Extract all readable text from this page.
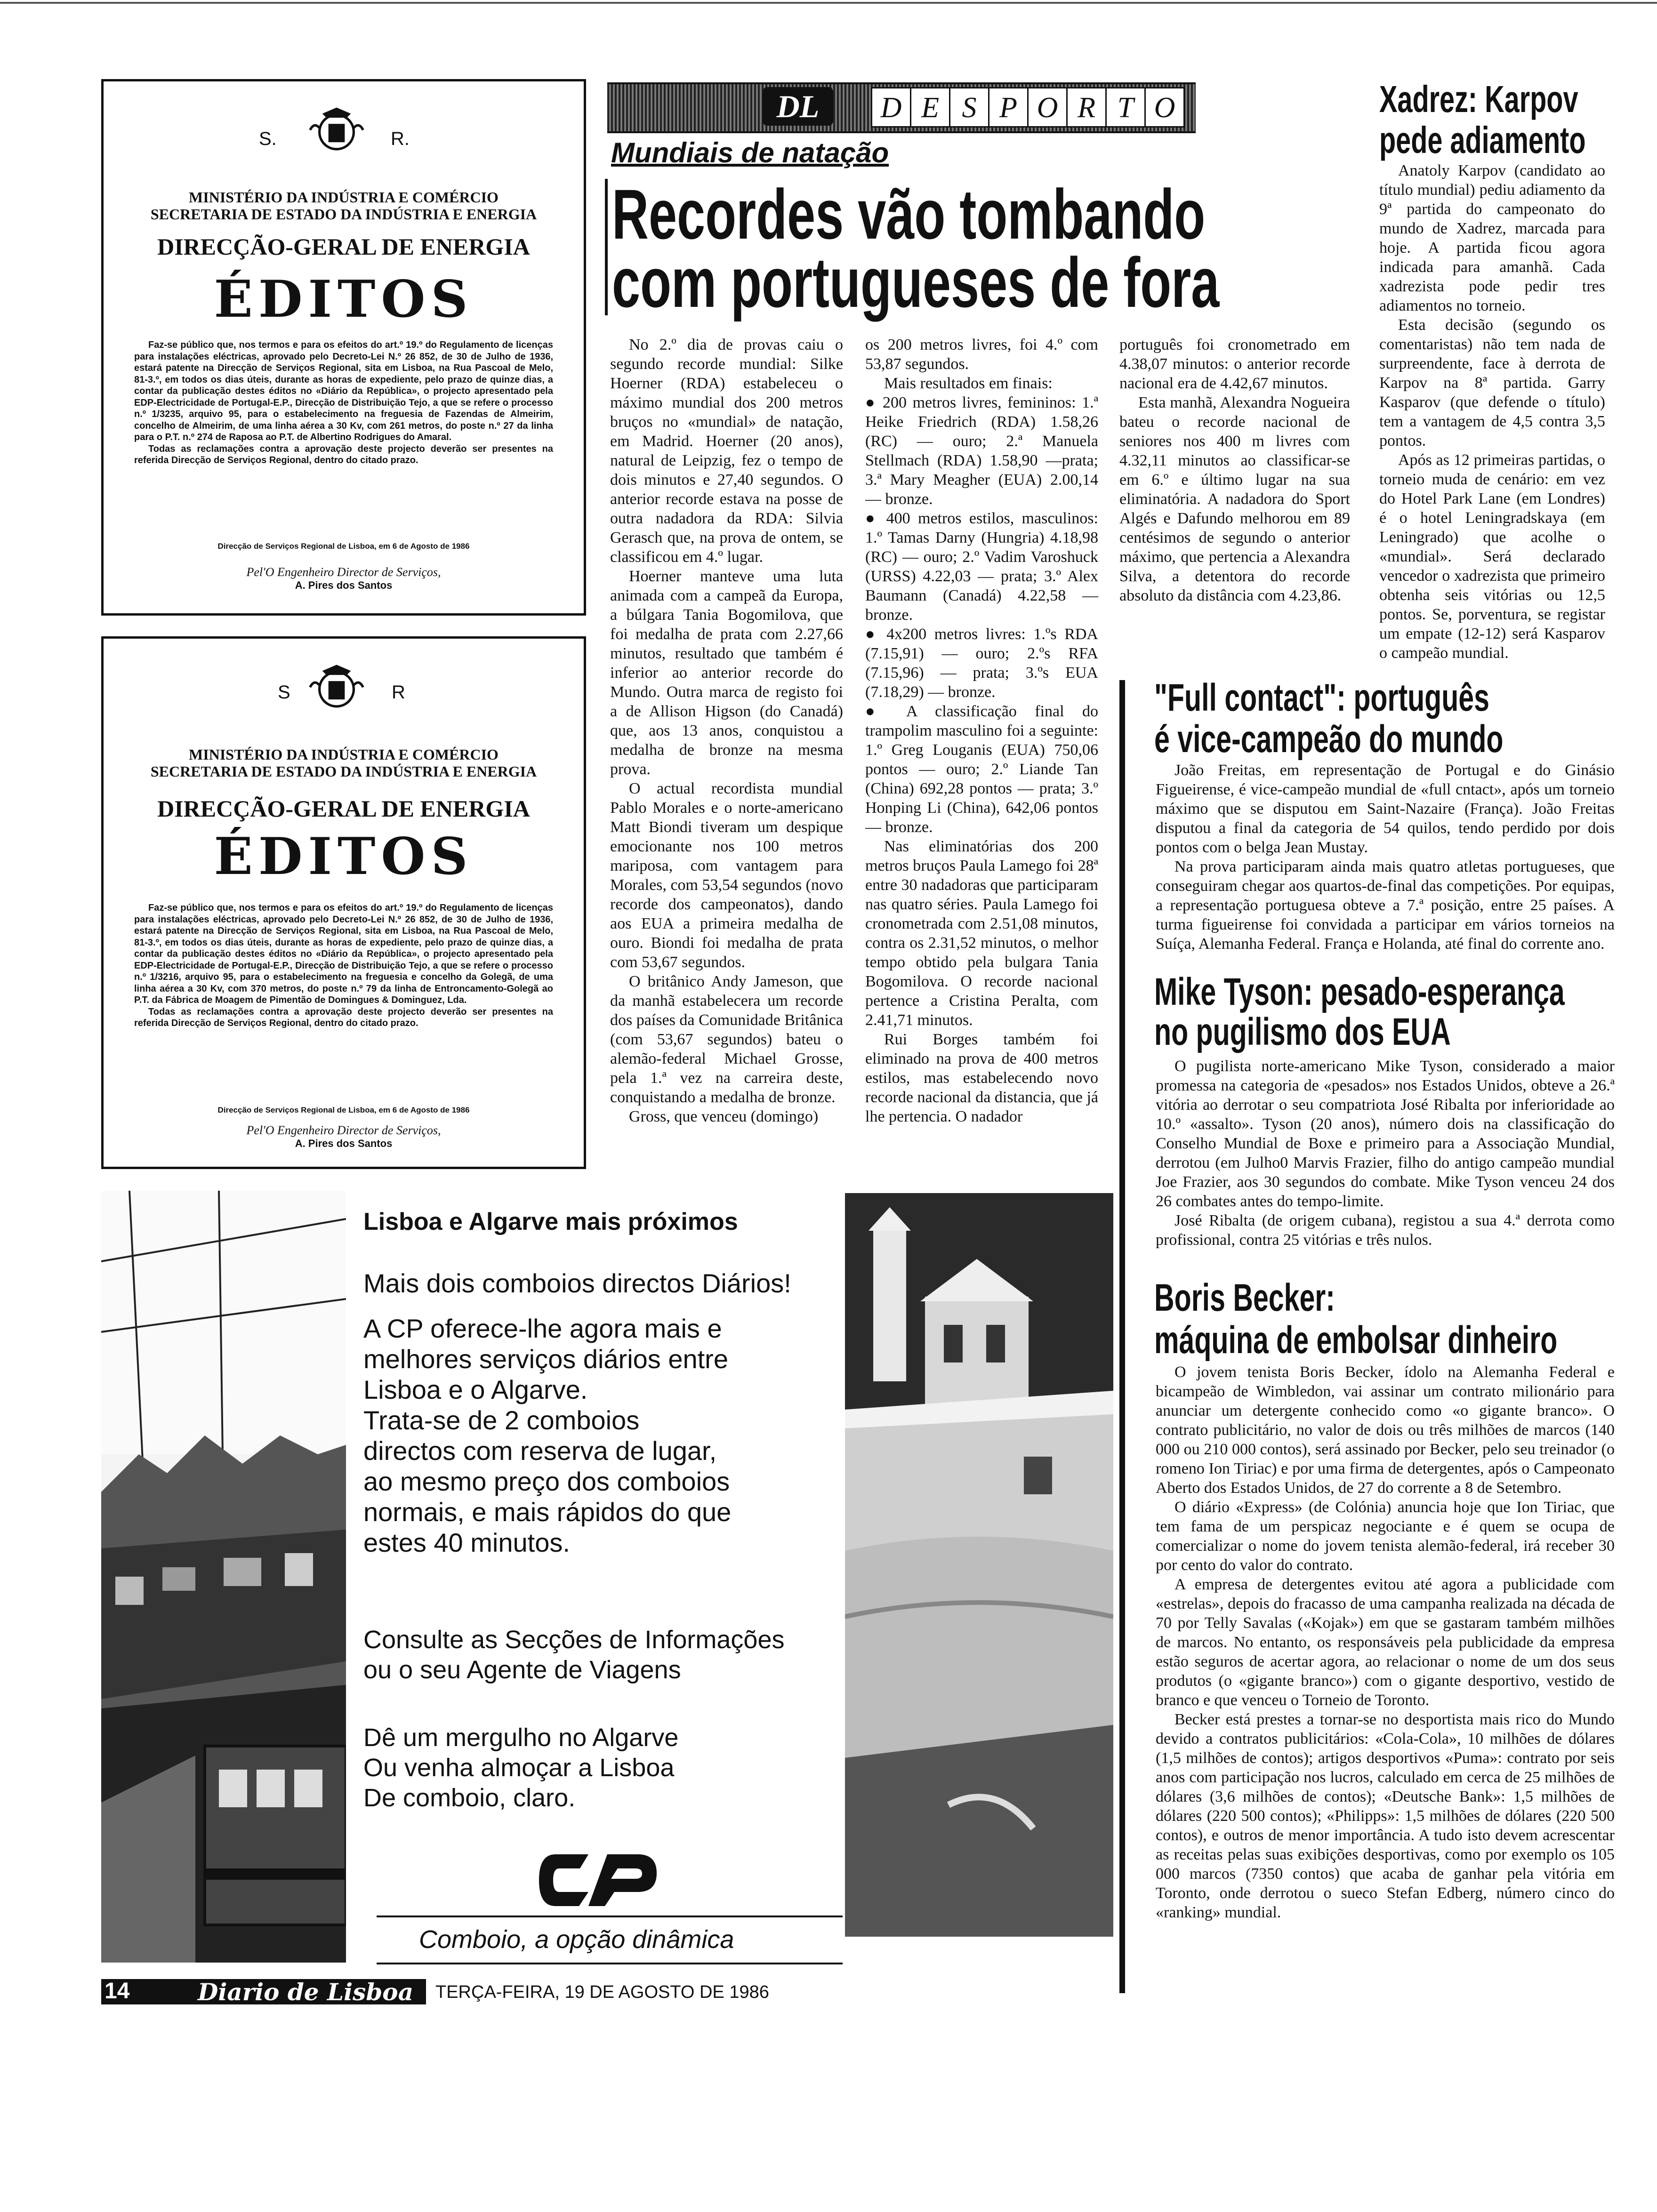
S.	R.
MINISTÉRIO DA INDÚSTRIA E COMÉRCIO
SECRETARIA DE ESTADO DA INDÚSTRIA E ENERGIA
DIRECÇÃO-GERAL DE ENERGIA
ÉDITOS
Faz-se público que, nos termos e para os efeitos do art.º 19.º do Regulamento de licenças para instalações eléctricas, aprovado pelo Decreto-Lei N.º 26 852, de 30 de Julho de 1936, estará patente na Direcção de Serviços Regional, sita em Lisboa, na Rua Pascoal de Melo, 81-3.º, em todos os dias úteis, durante as horas de expediente, pelo prazo de quinze dias, a contar da publicação destes éditos no «Diário da República», o projecto apresentado pela EDP-Electricidade de Portugal-E.P., Direcção de Distribuição Tejo, a que se refere o processo n.º 1/3235, arquivo 95, para o estabelecimento na freguesia de Fazendas de Almeirim, concelho de Almeirim, de uma linha aérea a 30 Kv, com 261 metros, do poste n.º 27 da linha para o P.T. n.º 274 de Raposa ao P.T. de Albertino Rodrigues do Amaral.
Todas as reclamações contra a aprovação deste projecto deverão ser presentes na referida Direcção de Serviços Regional, dentro do citado prazo.
Direcção de Serviços Regional de Lisboa, em 6 de Agosto de 1986
Pel'O Engenheiro Director de Serviços,
A. Pires dos Santos
S	R
MINISTÉRIO DA INDÚSTRIA E COMÉRCIO
SECRETARIA DE ESTADO DA INDÚSTRIA E ENERGIA
DIRECÇÃO-GERAL DE ENERGIA
ÉDITOS
Faz-se público que, nos termos e para os efeitos do art.º 19.º do Regulamento de licenças para instalações eléctricas, aprovado pelo Decreto-Lei N.º 26 852, de 30 de Julho de 1936, estará patente na Direcção de Serviços Regional, sita em Lisboa, na Rua Pascoal de Melo, 81-3.º, em todos os dias úteis, durante as horas de expediente, pelo prazo de quinze dias, a contar da publicação destes éditos no «Diário da República», o projecto apresentado pela EDP-Electricidade de Portugal-E.P., Direcção de Distribuição Tejo, a que se refere o processo n.º 1/3216, arquivo 95, para o estabelecimento na freguesia e concelho da Golegã, de uma linha aérea a 30 Kv, com 370 metros, do poste n.º 79 da linha de Entroncamento-Golegã ao P.T. da Fábrica de Moagem de Pimentão de Domingues & Dominguez, Lda.
Todas as reclamações contra a aprovação deste projecto deverão ser presentes na referida Direcção de Serviços Regional, dentro do citado prazo.
Direcção de Serviços Regional de Lisboa, em 6 de Agosto de 1986
Pel'O Engenheiro Director de Serviços,
A. Pires dos Santos
DL	D E S P O R T O
Mundiais de natação
Recordes vão tombando
com portugueses de fora

No 2.º dia de provas caiu o segundo recorde mundial: Silke Hoerner (RDA) estabeleceu o máximo mundial dos 200 metros bruços no «mundial» de natação, em Madrid. Hoerner (20 anos), natural de Leipzig, fez o tempo de dois minutos e 27,40 segundos. O anterior recorde estava na posse de outra nadadora da RDA: Silvia Gerasch que, na prova de ontem, se classificou em 4.º lugar.

Hoerner manteve uma luta animada com a campeã da Europa, a búlgara Tania Bogomilova, que foi medalha de prata com 2.27,66 minutos, resultado que também é inferior ao anterior recorde do Mundo. Outra marca de registo foi a de Allison Higson (do Canadá) que, aos 13 anos, conquistou a medalha de bronze na mesma prova.

O actual recordista mundial Pablo Morales e o norte-americano Matt Biondi tiveram um despique emocionante nos 100 metros mariposa, com vantagem para Morales, com 53,54 segundos (novo recorde dos campeonatos), dando aos EUA a primeira medalha de ouro. Biondi foi medalha de prata com 53,67 segundos.

O britânico Andy Jameson, que da manhã estabelecera um recorde dos países da Comunidade Britânica (com 53,67 segundos) bateu o alemão-federal Michael Grosse, pela 1.ª vez na carreira deste, conquistando a medalha de bronze.

Gross, que venceu (domingo)

os 200 metros livres, foi 4.º com 53,87 segundos.

Mais resultados em finais:

● 200 metros livres, femininos: 1.ª Heike Friedrich (RDA) 1.58,26 (RC) — ouro; 2.ª Manuela Stellmach (RDA) 1.58,90 —prata; 3.ª Mary Meagher (EUA) 2.00,14 — bronze.

● 400 metros estilos, masculinos: 1.º Tamas Darny (Hungria) 4.18,98 (RC) — ouro; 2.º Vadim Varoshuck (URSS) 4.22,03 — prata; 3.º Alex Baumann (Canadá) 4.22,58 — bronze.

● 4x200 metros livres: 1.ºs RDA (7.15,91) — ouro; 2.ºs RFA (7.15,96) — prata; 3.ºs EUA (7.18,29) — bronze.

● A classificação final do trampolim masculino foi a seguinte: 1.º Greg Louganis (EUA) 750,06 pontos — ouro; 2.º Liande Tan (China) 692,28 pontos — prata; 3.º Honping Li (China), 642,06 pontos — bronze.

Nas eliminatórias dos 200 metros bruços Paula Lamego foi 28ª entre 30 nadadoras que participaram nas quatro séries. Paula Lamego foi cronometrada com 2.51,08 minutos, contra os 2.31,52 minutos, o melhor tempo obtido pela bulgara Tania Bogomilova. O recorde nacional pertence a Cristina Peralta, com 2.41,71 minutos.

Rui Borges também foi eliminado na prova de 400 metros estilos, mas estabelecendo novo recorde nacional da distancia, que já lhe pertencia. O nadador

português foi cronometrado em 4.38,07 minutos: o anterior recorde nacional era de 4.42,67 minutos.

Esta manhã, Alexandra Nogueira bateu o recorde nacional de seniores nos 400 m livres com 4.32,11 minutos ao classificar-se em 6.º e último lugar na sua eliminatória. A nadadora do Sport Algés e Dafundo melhorou em 89 centésimos de segundo o anterior máximo, que pertencia a Alexandra Silva, a detentora do recorde absoluto da distância com 4.23,86.

Xadrez: Karpov
pede adiamento

Anatoly Karpov (candidato ao título mundial) pediu adiamento da 9ª partida do campeonato do mundo de Xadrez, marcada para hoje. A partida ficou agora indicada para amanhã. Cada xadrezista pode pedir tres adiamentos no torneio.

Esta decisão (segundo os comentaristas) não tem nada de surpreendente, face à derrota de Karpov na 8ª partida. Garry Kasparov (que defende o título) tem a vantagem de 4,5 contra 3,5 pontos.

Após as 12 primeiras partidas, o torneio muda de cenário: em vez do Hotel Park Lane (em Londres) é o hotel Leningradskaya (em Leningrado) que acolhe o «mundial». Será declarado vencedor o xadrezista que primeiro obtenha seis vitórias ou 12,5 pontos. Se, porventura, se registar um empate (12-12) será Kasparov o campeão mundial.

"Full contact": português
é vice-campeão do mundo

João Freitas, em representação de Portugal e do Ginásio Figueirense, é vice-campeão mundial de «full cntact», após um torneio máximo que se disputou em Saint-Nazaire (França). João Freitas disputou a final da categoria de 54 quilos, tendo perdido por dois pontos com o belga Jean Mustay.

Na prova participaram ainda mais quatro atletas portugueses, que conseguiram chegar aos quartos-de-final das competições. Por equipas, a representação portuguesa obteve a 7.ª posição, entre 25 países. A turma figueirense foi convidada a participar em vários torneios na Suíça, Alemanha Federal. França e Holanda, até final do corrente ano.

Mike Tyson: pesado-esperança
no pugilismo dos EUA

O pugilista norte-americano Mike Tyson, considerado a maior promessa na categoria de «pesados» nos Estados Unidos, obteve a 26.ª vitória ao derrotar o seu compatriota José Ribalta por inferioridade ao 10.º «assalto». Tyson (20 anos), número dois na classificação do Conselho Mundial de Boxe e primeiro para a Associação Mundial, derrotou (em Julho0 Marvis Frazier, filho do antigo campeão mundial Joe Frazier, aos 30 segundos do combate. Mike Tyson venceu 24 dos 26 combates antes do tempo-limite.

José Ribalta (de origem cubana), registou a sua 4.ª derrota como profissional, contra 25 vitórias e três nulos.

Boris Becker:
máquina de embolsar dinheiro

O jovem tenista Boris Becker, ídolo na Alemanha Federal e bicampeão de Wimbledon, vai assinar um contrato milionário para anunciar um detergente conhecido como «o gigante branco». O contrato publicitário, no valor de dois ou três milhões de marcos (140 000 ou 210 000 contos), será assinado por Becker, pelo seu treinador (o romeno Ion Tiriac) e por uma firma de detergentes, após o Campeonato Aberto dos Estados Unidos, de 27 do corrente a 8 de Setembro.

O diário «Express» (de Colónia) anuncia hoje que Ion Tiriac, que tem fama de um perspicaz negociante e é quem se ocupa de comercializar o nome do jovem tenista alemão-federal, irá receber 30 por cento do valor do contrato.

A empresa de detergentes evitou até agora a publicidade com «estrelas», depois do fracasso de uma campanha realizada na década de 70 por Telly Savalas («Kojak») em que se gastaram também milhões de marcos. No entanto, os responsáveis pela publicidade da empresa estão seguros de acertar agora, ao relacionar o nome de um dos seus produtos (o «gigante branco») com o gigante desportivo, vestido de branco e que venceu o Torneio de Toronto.

Becker está prestes a tornar-se no desportista mais rico do Mundo devido a contratos publicitários: «Cola-Cola», 10 milhões de dólares (1,5 milhões de contos); artigos desportivos «Puma»: contrato por seis anos com participação nos lucros, calculado em cerca de 25 milhões de dólares (3,6 milhões de contos); «Deutsche Bank»: 1,5 milhões de dólares (220 500 contos); «Philipps»: 1,5 milhões de dólares (220 500 contos), e outros de menor importância. A tudo isto devem acrescentar as receitas pelas suas exibições desportivas, como por exemplo os 105 000 marcos (7350 contos) que acaba de ganhar pela vitória em Toronto, onde derrotou o sueco Stefan Edberg, número cinco do «ranking» mundial.

Lisboa e Algarve mais próximos
Mais dois comboios directos Diários!
A CP oferece-lhe agora mais e
melhores serviços diários entre
Lisboa e o Algarve.
Trata-se de 2 comboios
directos com reserva de lugar,
ao mesmo preço dos comboios
normais, e mais rápidos do que
estes 40 minutos.
Consulte as Secções de Informações
ou o seu Agente de Viagens
Dê um mergulho no Algarve
Ou venha almoçar a Lisboa
De comboio, claro.
Comboio, a opção dinâmica
14	Diario de Lisboa TERÇA-FEIRA, 19 DE AGOSTO DE 1986
